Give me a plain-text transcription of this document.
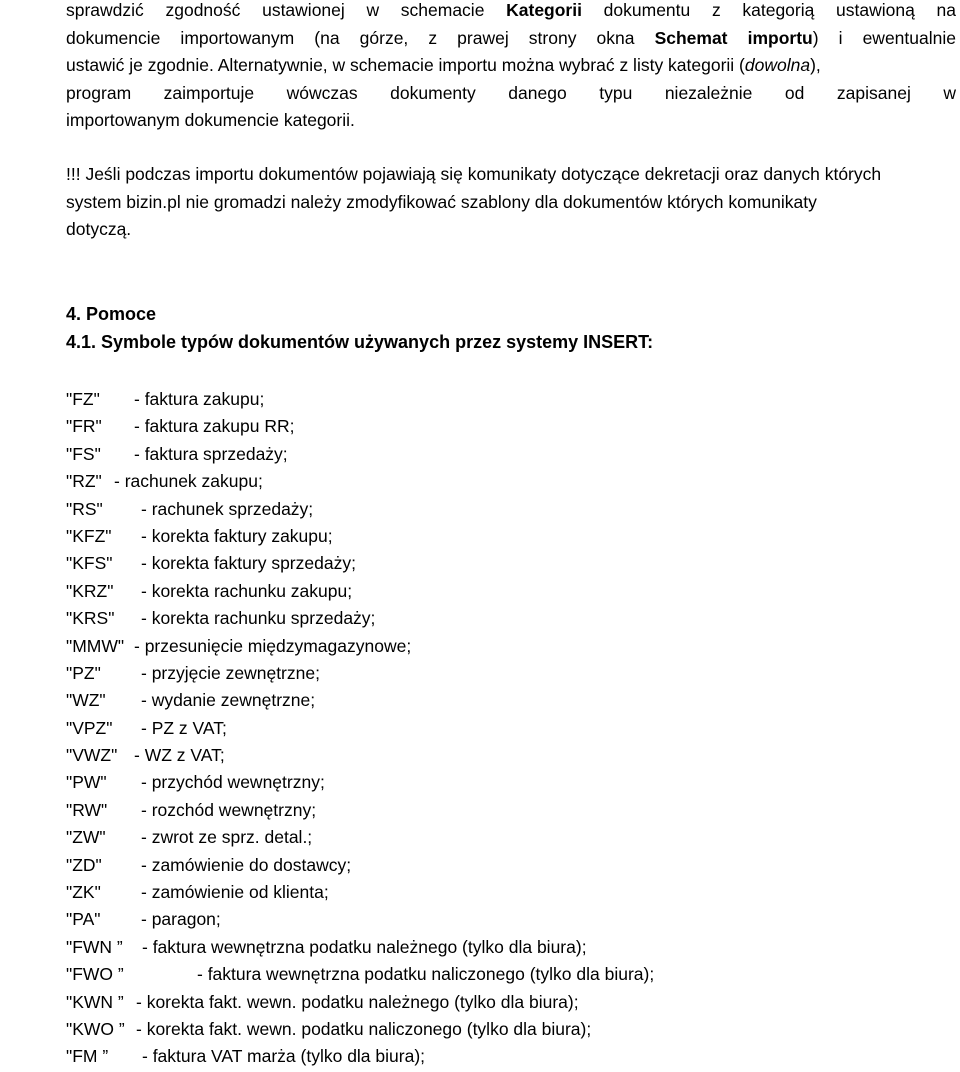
sprawdzić zgodność ustawionej w schemacie Kategorii dokumentu z kategorią ustawioną na
dokumencie importowanym (na górze, z prawej strony okna Schemat importu) i ewentualnie
ustawić je zgodnie. Alternatywnie, w schemacie importu można wybrać z listy kategorii (dowolna),
program zaimportuje wówczas dokumenty danego typu niezależnie od zapisanej w
importowanym dokumencie kategorii.
!!! Jeśli podczas importu dokumentów pojawiają się komunikaty dotyczące dekretacji oraz danych których
system bizin.pl nie gromadzi należy zmodyfikować szablony dla dokumentów których komunikaty
dotyczą.
4. Pomoce
4.1. Symbole typów dokumentów używanych przez systemy INSERT:
"FZ" - faktura zakupu;
"FR" - faktura zakupu RR;
"FS" - faktura sprzedaży;
"RZ" - rachunek zakupu;
"RS" - rachunek sprzedaży;
"KFZ" - korekta faktury zakupu;
"KFS" - korekta faktury sprzedaży;
"KRZ" - korekta rachunku zakupu;
"KRS" - korekta rachunku sprzedaży;
"MMW" - przesunięcie międzymagazynowe;
"PZ" - przyjęcie zewnętrzne;
"WZ" - wydanie zewnętrzne;
"VPZ" - PZ z VAT;
"VWZ" - WZ z VAT;
"PW" - przychód wewnętrzny;
"RW" - rozchód wewnętrzny;
"ZW" - zwrot ze sprz. detal.;
"ZD" - zamówienie do dostawcy;
"ZK" - zamówienie od klienta;
"PA" - paragon;
"FWN ” - faktura wewnętrzna podatku należnego (tylko dla biura);
"FWO ”	- faktura wewnętrzna podatku naliczonego (tylko dla biura);
"KWN ” - korekta fakt. wewn. podatku należnego (tylko dla biura);
"KWO ” - korekta fakt. wewn. podatku naliczonego (tylko dla biura);
"FM ” - faktura VAT marża (tylko dla biura);
